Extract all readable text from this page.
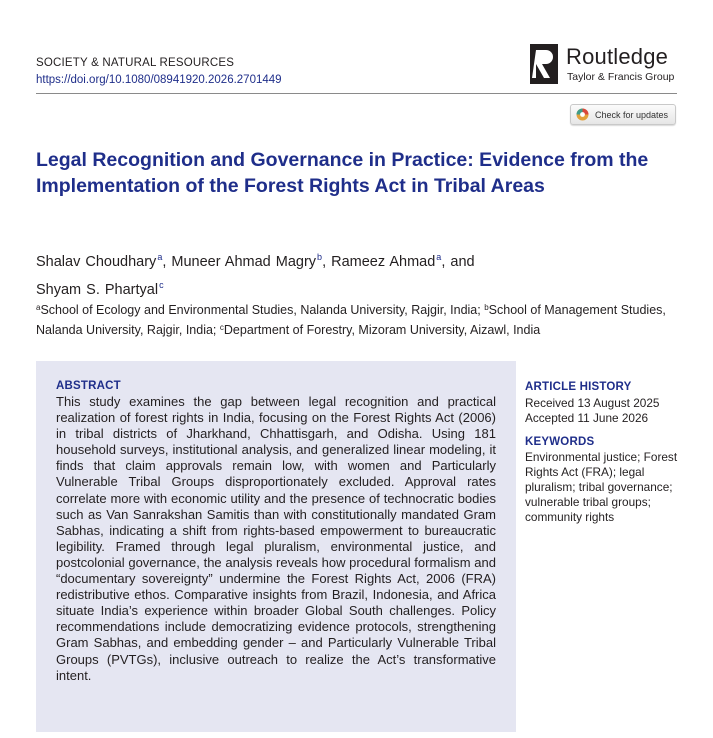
SOCIETY & NATURAL RESOURCES
https://doi.org/10.1080/08941920.2026.2701449
Routledge
Taylor & Francis Group
Check for updates
Legal Recognition and Governance in Practice: Evidence from the Implementation of the Forest Rights Act in Tribal Areas
Shalav Choudhary$^a$, Muneer Ahmad Magry$^b$, Rameez Ahmad$^a$, and Shyam S. Phartyal$^c$
$^a$School of Ecology and Environmental Studies, Nalanda University, Rajgir, India; $^b$School of Management Studies, Nalanda University, Rajgir, India; $^c$Department of Forestry, Mizoram University, Aizawl, India
ABSTRACT

This study examines the gap between legal recognition and practical realization of forest rights in India, focusing on the Forest Rights Act (2006) in tribal districts of Jharkhand, Chhattisgarh, and Odisha. Using 181 household surveys, institutional analysis, and generalized linear modeling, it finds that claim approvals remain low, with women and Particularly Vulnerable Tribal Groups disproportionately excluded. Approval rates correlate more with economic utility and the presence of technocratic bodies such as Van Sanrakshan Samitis than with constitutionally mandated Gram Sabhas, indicating a shift from rights-based empowerment to bureaucratic legibility. Framed through legal pluralism, environmental justice, and postcolonial governance, the analysis reveals how procedural formalism and “documentary sovereignty” undermine the Forest Rights Act, 2006 (FRA) redistributive ethos. Comparative insights from Brazil, Indonesia, and Africa situate India’s experience within broader Global South challenges. Policy recommendations include democratizing evidence protocols, strengthening Gram Sabhas, and embedding gender – and Particularly Vulnerable Tribal Groups (PVTGs), inclusive outreach to realize the Act’s transformative intent.

ARTICLE HISTORY
Received 13 August 2025
Accepted 11 June 2026
KEYWORDS
Environmental justice; Forest Rights Act (FRA); legal pluralism; tribal governance; vulnerable tribal groups; community rights
